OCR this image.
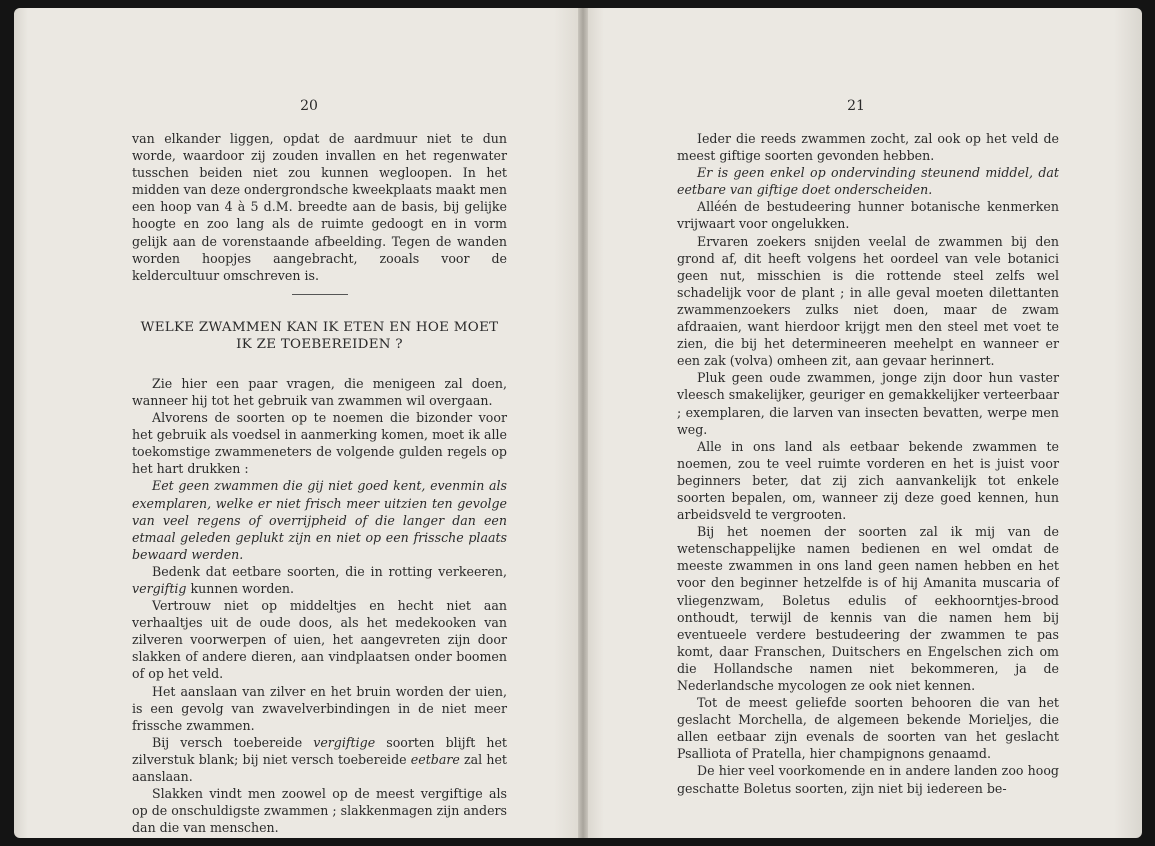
20

van elkander liggen, opdat de aardmuur niet te dun worde, waardoor zij zouden invallen en het regenwater tusschen beiden niet zou kunnen wegloopen. In het midden van deze ondergrondsche kweekplaats maakt men een hoop van 4 à 5 d.M. breedte aan de basis, bij gelijke hoogte en zoo lang als de ruimte gedoogt en in vorm gelijk aan de vorenstaande afbeelding. Tegen de wanden worden hoopjes aangebracht, zooals voor de keldercultuur omschreven is.

WELKE ZWAMMEN KAN IK ETEN EN HOE MOET
IK ZE TOEBEREIDEN ?

Zie hier een paar vragen, die menigeen zal doen, wanneer hij tot het gebruik van zwammen wil overgaan.

Alvorens de soorten op te noemen die bizonder voor het gebruik als voedsel in aanmerking komen, moet ik alle toekomstige zwammeneters de volgende gulden regels op het hart drukken :

Eet geen zwammen die gij niet goed kent, evenmin als exemplaren, welke er niet frisch meer uitzien ten gevolge van veel regens of overrijpheid of die langer dan een etmaal geleden geplukt zijn en niet op een frissche plaats bewaard werden.

Bedenk dat eetbare soorten, die in rotting verkeeren, vergiftig kunnen worden.

Vertrouw niet op middeltjes en hecht niet aan verhaaltjes uit de oude doos, als het medekooken van zilveren voorwerpen of uien, het aangevreten zijn door slakken of andere dieren, aan vindplaatsen onder boomen of op het veld.

Het aanslaan van zilver en het bruin worden der uien, is een gevolg van zwavelverbindingen in de niet meer frissche zwammen.

Bij versch toebereide vergiftige soorten blijft het zilverstuk blank; bij niet versch toebereide eetbare zal het aanslaan.

Slakken vindt men zoowel op de meest vergiftige als op de onschuldigste zwammen ; slakkenmagen zijn anders dan die van menschen.

21

Ieder die reeds zwammen zocht, zal ook op het veld de meest giftige soorten gevonden hebben.

Er is geen enkel op ondervinding steunend middel, dat eetbare van giftige doet onderscheiden.

Alléén de bestudeering hunner botanische kenmerken vrijwaart voor ongelukken.

Ervaren zoekers snijden veelal de zwammen bij den grond af, dit heeft volgens het oordeel van vele botanici geen nut, misschien is die rottende steel zelfs wel schadelijk voor de plant ; in alle geval moeten dilettanten zwammenzoekers zulks niet doen, maar de zwam afdraaien, want hierdoor krijgt men den steel met voet te zien, die bij het determineeren meehelpt en wanneer er een zak (volva) omheen zit, aan gevaar herinnert.

Pluk geen oude zwammen, jonge zijn door hun vaster vleesch smakelijker, geuriger en gemakkelijker verteerbaar ; exemplaren, die larven van insecten bevatten, werpe men weg.

Alle in ons land als eetbaar bekende zwammen te noemen, zou te veel ruimte vorderen en het is juist voor beginners beter, dat zij zich aanvankelijk tot enkele soorten bepalen, om, wanneer zij deze goed kennen, hun arbeidsveld te vergrooten.

Bij het noemen der soorten zal ik mij van de wetenschappelijke namen bedienen en wel omdat de meeste zwammen in ons land geen namen hebben en het voor den beginner hetzelfde is of hij Amanita muscaria of vliegenzwam, Boletus edulis of eekhoorntjes-brood onthoudt, terwijl de kennis van die namen hem bij eventueele verdere bestudeering der zwammen te pas komt, daar Franschen, Duitschers en Engelschen zich om die Hollandsche namen niet bekommeren, ja de Nederlandsche mycologen ze ook niet kennen.

Tot de meest geliefde soorten behooren die van het geslacht Morchella, de algemeen bekende Morieljes, die allen eetbaar zijn evenals de soorten van het geslacht Psalliota of Pratella, hier champignons genaamd.

De hier veel voorkomende en in andere landen zoo hoog geschatte Boletus soorten, zijn niet bij iedereen be-
